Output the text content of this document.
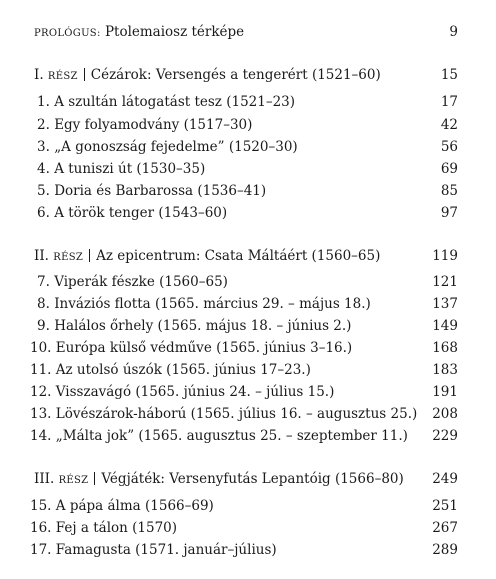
PROLÓGUS: Ptolemaiosz térképe	9
I. RÉSZ Cézárok: Versengés a tengerért (1521–60)	15
1. A szultán látogatást tesz (1521–23)	17
2. Egy folyamodvány (1517–30)	42
3. „A gonoszság fejedelme” (1520–30)	56
4. A tuniszi út (1530–35)	69
5. Doria és Barbarossa (1536–41)	85
6. A török tenger (1543–60)	97
II. RÉSZ Az epicentrum: Csata Máltáért (1560–65)	119
7. Viperák fészke (1560–65)	121
8. Inváziós flotta (1565. március 29. – május 18.)	137
9. Halálos őrhely (1565. május 18. – június 2.)	149
10. Európa külső védműve (1565. június 3–16.)	168
11. Az utolsó úszók (1565. június 17–23.)	183
12. Visszavágó (1565. június 24. – július 15.)	191
13. Lövészárok-háború (1565. július 16. – augusztus 25.) 208
14. „Málta jok” (1565. augusztus 25. – szeptember 11.) 229
III. RÉSZ Végjáték: Versenyfutás Lepantóig (1566–80) 249
15. A pápa álma (1566–69)	251
16. Fej a tálon (1570)	267
17. Famagusta (1571. január–július)	289
